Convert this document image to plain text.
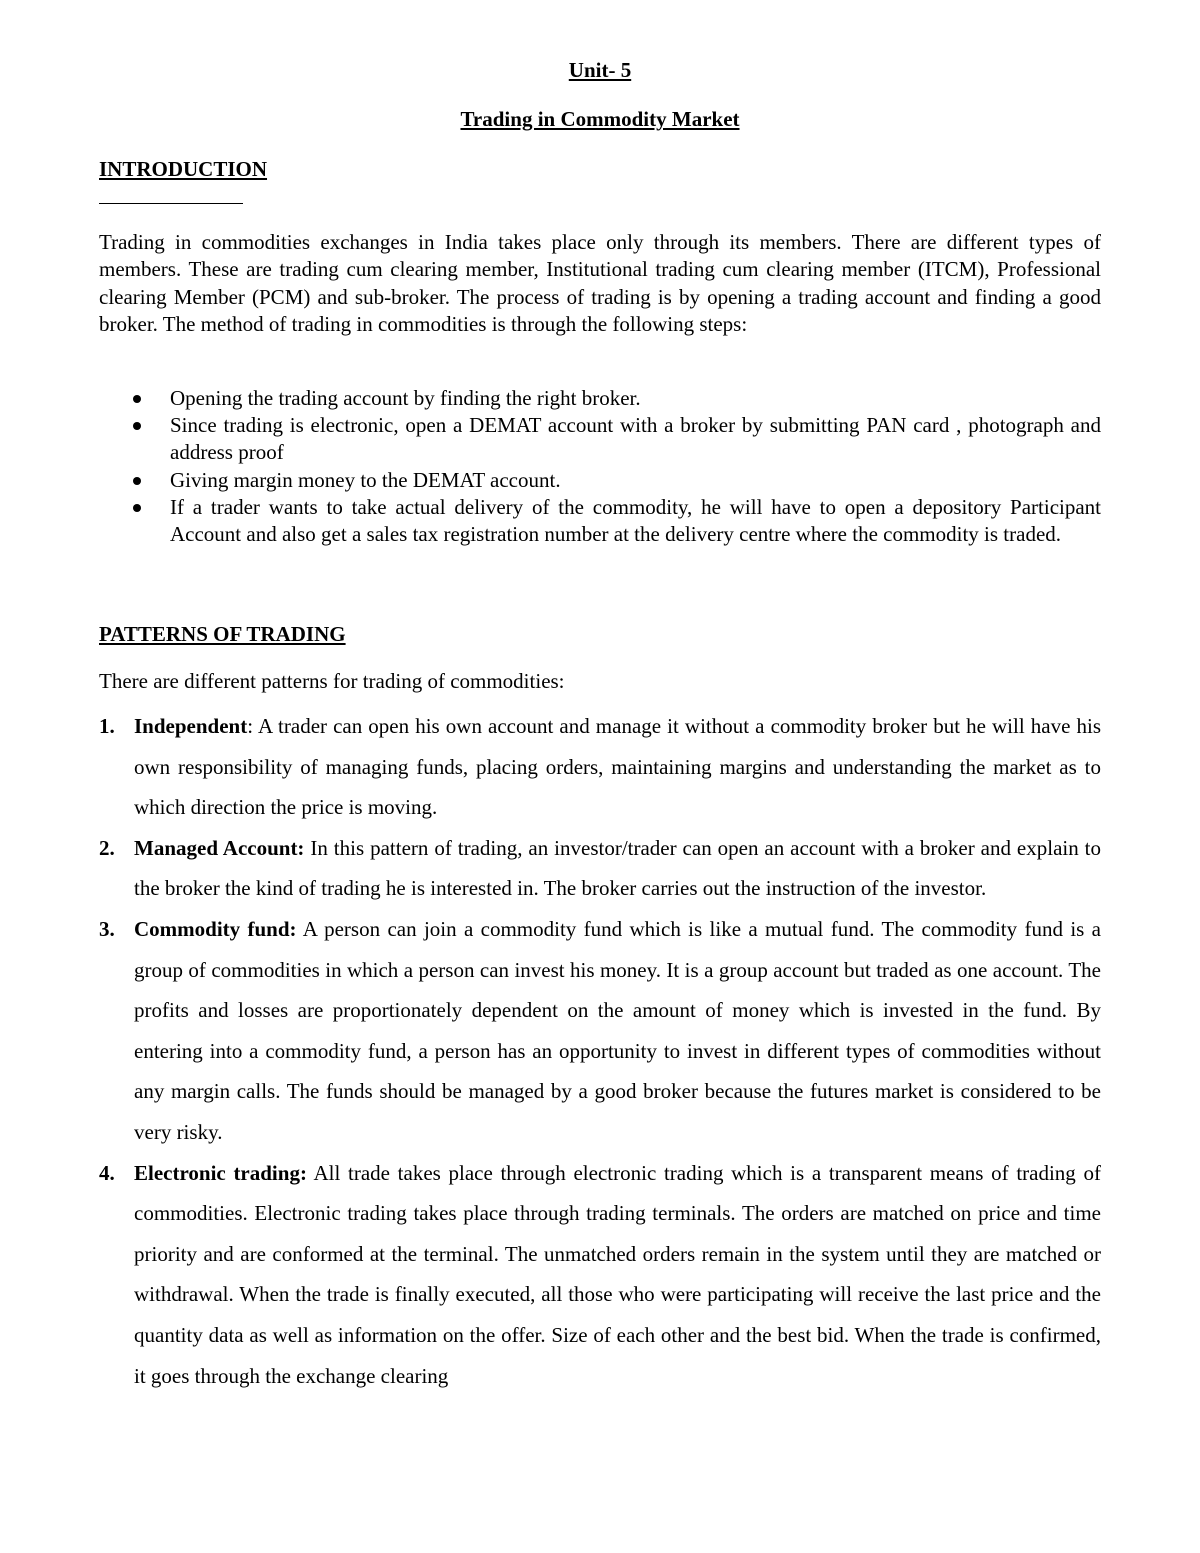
Unit- 5
Trading in Commodity Market
INTRODUCTION

Trading in commodities exchanges in India takes place only through its members. There are different types of members. These are trading cum clearing member, Institutional trading cum clearing member (ITCM), Professional clearing Member (PCM) and sub-broker. The process of trading is by opening a trading account and finding a good broker. The method of trading in commodities is through the following steps:

Opening the trading account by finding the right broker.
Since trading is electronic, open a DEMAT account with a broker by submitting PAN card , photograph and address proof
Giving margin money to the DEMAT account.
If a trader wants to take actual delivery of the commodity, he will have to open a depository Participant Account and also get a sales tax registration number at the delivery centre where the commodity is traded.
PATTERNS OF TRADING

There are different patterns for trading of commodities:

1. Independent: A trader can open his own account and manage it without a commodity broker but he will have his own responsibility of managing funds, placing orders, maintaining margins and understanding the market as to which direction the price is moving.
2. Managed Account: In this pattern of trading, an investor/trader can open an account with a broker and explain to the broker the kind of trading he is interested in. The broker carries out the instruction of the investor.
3. Commodity fund: A person can join a commodity fund which is like a mutual fund. The commodity fund is a group of commodities in which a person can invest his money. It is a group account but traded as one account. The profits and losses are proportionately dependent on the amount of money which is invested in the fund. By entering into a commodity fund, a person has an opportunity to invest in different types of commodities without any margin calls. The funds should be managed by a good broker because the futures market is considered to be very risky.
4. Electronic trading: All trade takes place through electronic trading which is a transparent means of trading of commodities. Electronic trading takes place through trading terminals. The orders are matched on price and time priority and are conformed at the terminal. The unmatched orders remain in the system until they are matched or withdrawal. When the trade is finally executed, all those who were participating will receive the last price and the quantity data as well as information on the offer. Size of each other and the best bid. When the trade is confirmed, it goes through the exchange clearing
